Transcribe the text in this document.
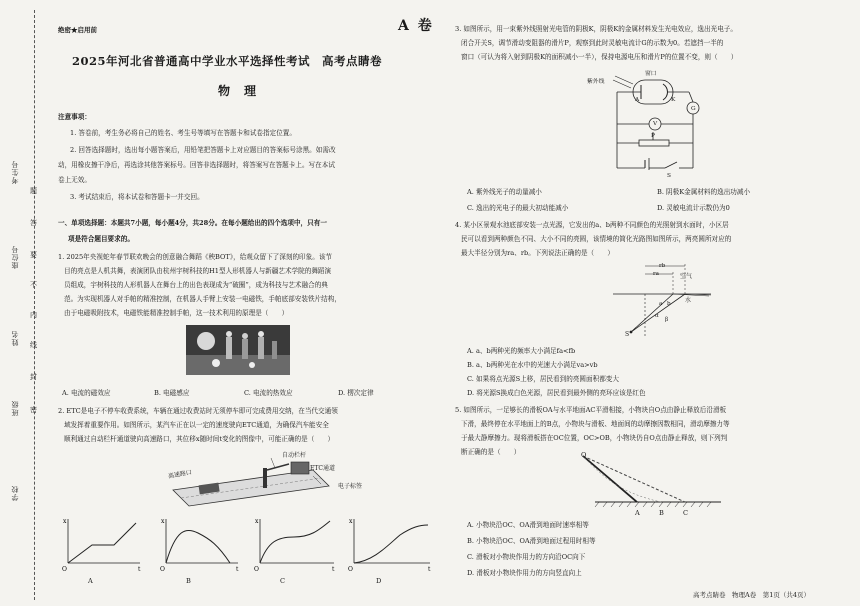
考生号
座位号
姓名
班级
学校
题
答
要
不
内
线
封
密
绝密★启用前	A 卷
2025年河北省普通高中学业水平选择性考试　高考点睛卷
物理
注意事项：
1. 答卷前，考生务必将自己的姓名、考生号等填写在答题卡和试卷指定位置。
2. 回答选择题时，选出每小题答案后，用铅笔把答题卡上对应题目的答案标号涂黑。如需改
动，用橡皮擦干净后，再选涂其他答案标号。回答非选择题时，将答案写在答题卡上。写在本试
卷上无效。
3. 考试结束后，将本试卷和答题卡一并交回。
一、单项选择题：本题共7小题，每小题4分，共28分。在每小题给出的四个选项中，只有一
项是符合题目要求的。
1. 2025年央视蛇年春节联欢晚会的创意融合舞蹈《秧BOT》，给观众留下了深刻的印象。该节
目的亮点是人机共舞，表演团队由杭州宇树科技的H1型人形机器人与新疆艺术学院的舞蹈演
员组成，宇树科技的人形机器人在舞台上的出色表现成为“破圈”，成为科技与艺术融合的典
范。为实现机器人对手帕的精准控制，在机器人手臂上安装一电磁铁，手帕底部安装铁片结构，
由于电磁吸附技术，电磁铁能精准控制手帕，这一技术利用的原理是（　　）
A. 电流的磁效应	B. 电磁感应	C. 电流的热效应	D. 楞次定律
2. ETC是电子不停车收费系统，车辆在通过收费站时无须停车即可完成费用交纳，在当代交通领
域发挥着重要作用。如图所示，某汽车正在以一定的速度驶向ETC通道，为确保汽车能安全
顺利通过自动栏杆通道驶向高速路口，其位移x随时间t变化的图像中，可能正确的是（　　）
自动栏杆
高速路口
ETC通道
电子标签
x
t
O
x
t
O
x
t
O
x
t
O
A	B	C	D
3. 如图所示，用一束紫外线照射光电管的阴极K，阴极K的金属材料发生光电效应，逸出光电子。
闭合开关S，调节滑动变阻器的滑片P，观察到此时灵敏电流计G的示数为0。若遮挡一半的
窗口（可认为将入射到阴极K的面积减小一半），保持电源电压和滑片P的位置不变，则（　　）
窗口
紫外线
A	K
G
V
P
S
A. 紫外线光子的动量减小	B. 阴极K金属材料的逸出功减小
C. 逸出的光电子的最大初动能减小	D. 灵敏电流计示数仍为0
4. 某小区景观水池底部安装一点光源，它发出的a、b两种不同颜色的光照射到水面时，小区居
民可以看到两种颜色不同、大小不同的亮圆，该情境的简化光路图如图所示，两亮圆所对应的
最大半径分别为ra、rb。下列说法正确的是（　　）
ra
rb
空气
水
a b
α
β
S
A. a、b两种光的频率大小满足fa<fb
B. a、b两种光在水中的光速大小满足va>vb
C. 如果将点光源S上移，居民看到的亮圆面积都变大
D. 将光源S换成白色光源，居民看到最外侧的亮环应该是红色
5. 如图所示，一足够长的滑板OA与水平地面AC平滑相接，小物块自O点由静止释放后沿滑板
下滑，最终停在水平地面上的B点，小物块与滑板、地面间的动摩擦因数相同，滑动摩擦力等
于最大静摩擦力。现将滑板搭在OC位置，OC>OB，小物块仍自O点由静止释放，则下列判
断正确的是（　　）	O
A	B	C
A. 小物块沿OC、OA滑到地面时速率相等
B. 小物块沿OC、OA滑到地面过程用时相等
C. 滑板对小物块作用力的方向沿OC向下
D. 滑板对小物块作用力的方向竖直向上
高考点睛卷　物理A卷　第1页（共4页）
